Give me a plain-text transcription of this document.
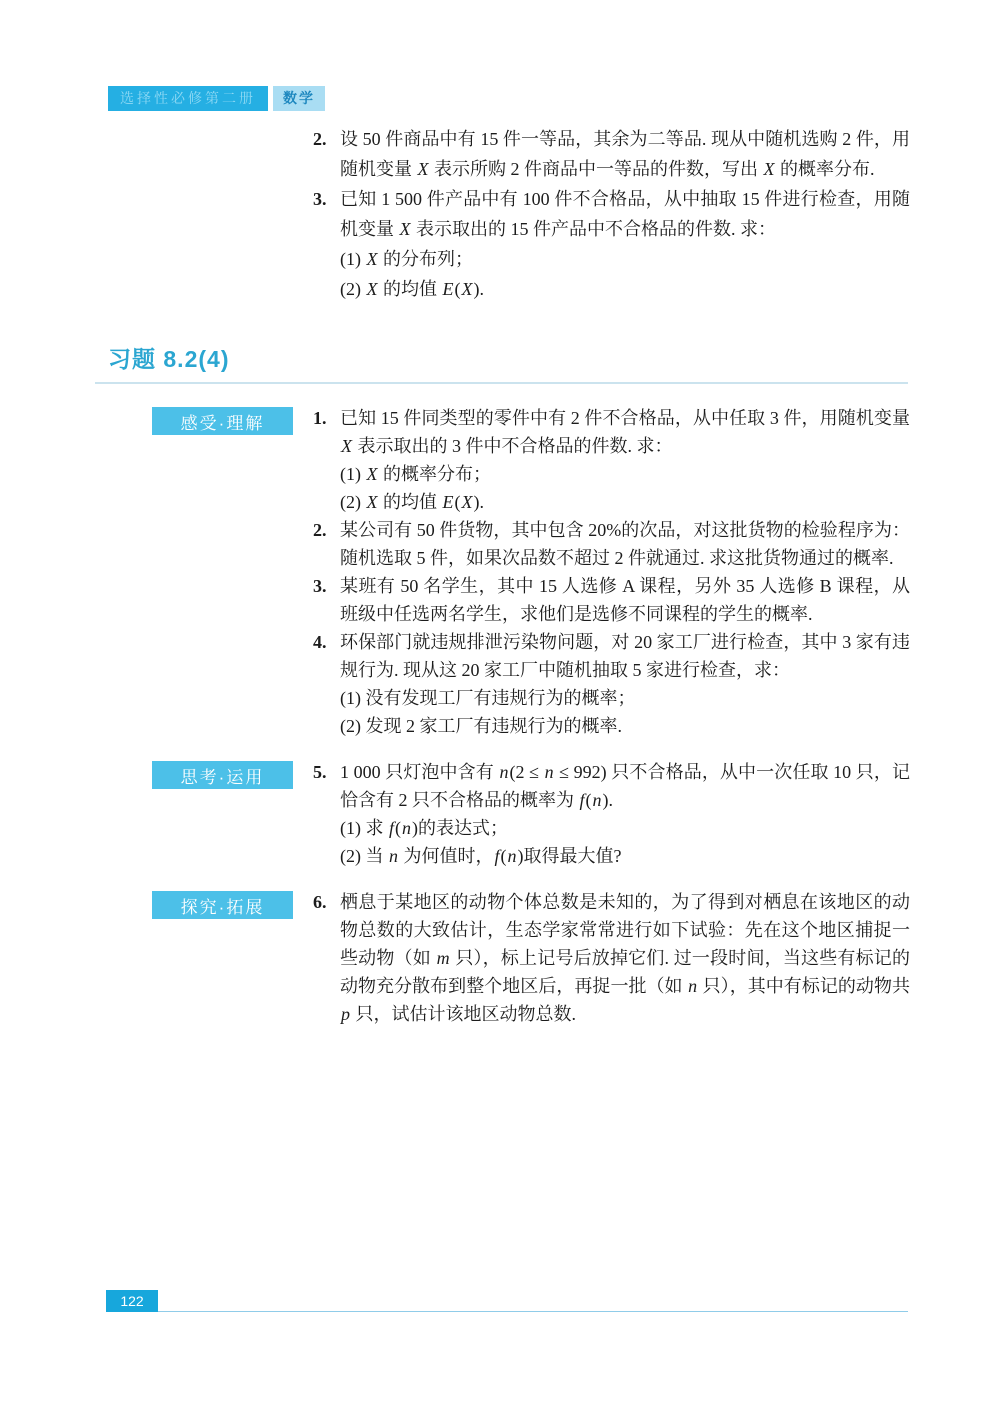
选择性必修第二册	数学
2. 设 50 件商品中有 15 件一等品，其余为二等品. 现从中随机选购 2 件，用随机变量 X 表示所购 2 件商品中一等品的件数，写出 X 的概率分布.
3. 已知 1 500 件产品中有 100 件不合格品，从中抽取 15 件进行检查，用随机变量 X 表示取出的 15 件产品中不合格品的件数. 求：
(1) X 的分布列；
(2) X 的均值 E(X).
习题 8.2(4)
感受·理解	1. 已知 15 件同类型的零件中有 2 件不合格品，从中任取 3 件，用随机变量 X 表示取出的 3 件中不合格品的件数. 求：
(1) X 的概率分布；
(2) X 的均值 E(X).
2. 某公司有 50 件货物，其中包含 20%的次品，对这批货物的检验程序为：随机选取 5 件，如果次品数不超过 2 件就通过. 求这批货物通过的概率.
3. 某班有 50 名学生，其中 15 人选修 A 课程，另外 35 人选修 B 课程，从班级中任选两名学生，求他们是选修不同课程的学生的概率.
4. 环保部门就违规排泄污染物问题，对 20 家工厂进行检查，其中 3 家有违规行为. 现从这 20 家工厂中随机抽取 5 家进行检查，求：
(1) 没有发现工厂有违规行为的概率；
(2) 发现 2 家工厂有违规行为的概率.
思考·运用	5. 1 000 只灯泡中含有 n(2 ≤ n ≤ 992) 只不合格品，从中一次任取 10 只，记恰含有 2 只不合格品的概率为 f(n).
(1) 求 f(n)的表达式；
(2) 当 n 为何值时，f(n)取得最大值?
探究·拓展	6. 栖息于某地区的动物个体总数是未知的，为了得到对栖息在该地区的动物总数的大致估计，生态学家常常进行如下试验：先在这个地区捕捉一些动物（如 m 只），标上记号后放掉它们. 过一段时间，当这些有标记的动物充分散布到整个地区后，再捉一批（如 n 只），其中有标记的动物共 p 只，试估计该地区动物总数.
122
